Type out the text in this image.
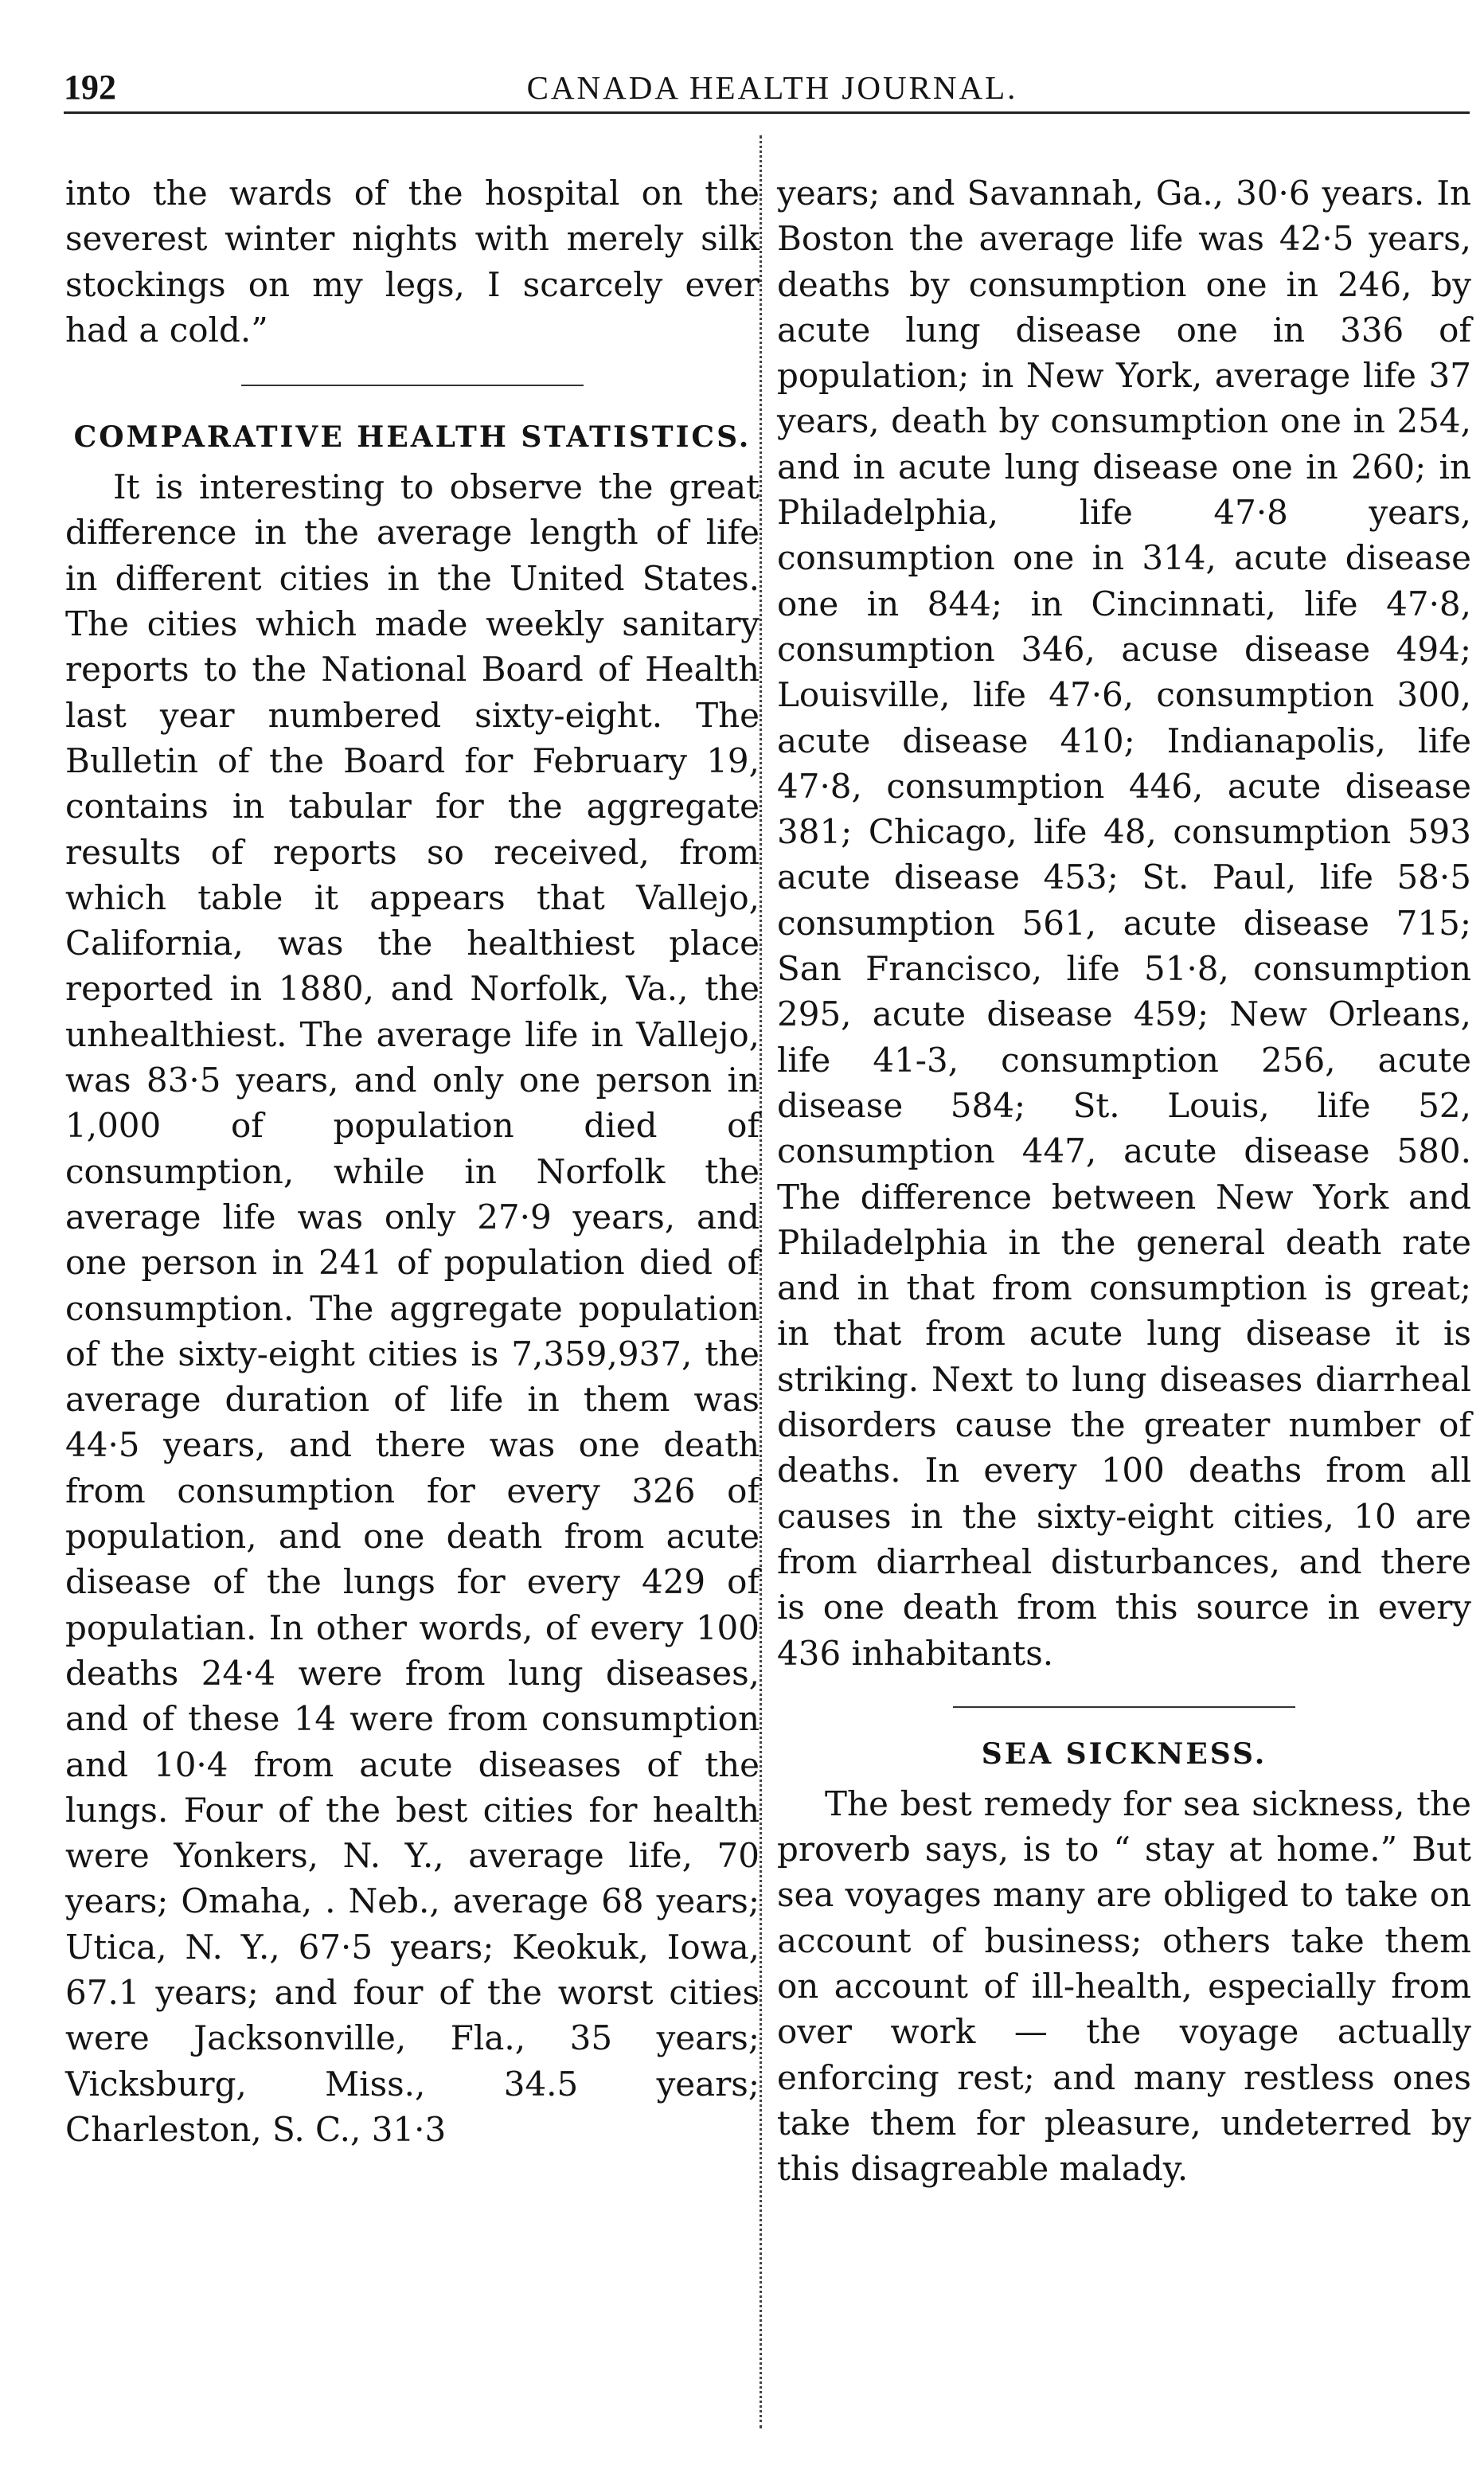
192	CANADA HEALTH JOURNAL.

into the wards of the hospital on the severest winter nights with merely silk stockings on my legs, I scarcely ever had a cold.”

COMPARATIVE HEALTH STATISTICS.

It is interesting to observe the great difference in the average length of life in different cities in the United States. The cities which made weekly sanitary reports to the National Board of Health last year numbered sixty-eight. The Bulletin of the Board for February 19, contains in tabular for the aggregate results of reports so received, from which table it appears that Vallejo, California, was the healthiest place reported in 1880, and Norfolk, Va., the unhealthiest. The average life in Vallejo, was 83·5 years, and only one person in 1,000 of population died of consumption, while in Norfolk the average life was only 27·9 years, and one person in 241 of population died of consumption. The aggregate population of the sixty-eight cities is 7,359,937, the average duration of life in them was 44·5 years, and there was one death from consumption for every 326 of population, and one death from acute disease of the lungs for every 429 of populatian. In other words, of every 100 deaths 24·4 were from lung diseases, and of these 14 were from consumption and 10·4 from acute diseases of the lungs. Four of the best cities for health were Yonkers, N. Y., average life, 70 years; Omaha, . Neb., average 68 years; Utica, N. Y., 67·5 years; Keokuk, Iowa, 67.1 years; and four of the worst cities were Jacksonville, Fla., 35 years; Vicksburg, Miss., 34.5 years; Charleston, S. C., 31·3

years; and Savannah, Ga., 30·6 years. In Boston the average life was 42·5 years, deaths by consumption one in 246, by acute lung disease one in 336 of population; in New York, average life 37 years, death by consumption one in 254, and in acute lung disease one in 260; in Philadelphia, life 47·8 years, consumption one in 314, acute disease one in 844; in Cincinnati, life 47·8, consumption 346, acuse disease 494; Louisville, life 47·6, consumption 300, acute disease 410; Indianapolis, life 47·8, consumption 446, acute disease 381; Chicago, life 48, consumption 593 acute disease 453; St. Paul, life 58·5 consumption 561, acute disease 715; San Francisco, life 51·8, consumption 295, acute disease 459; New Orleans, life 41-3, consumption 256, acute disease 584; St. Louis, life 52, consumption 447, acute disease 580. The difference between New York and Philadelphia in the general death rate and in that from consumption is great; in that from acute lung disease it is striking. Next to lung diseases diarrheal disorders cause the greater number of deaths. In every 100 deaths from all causes in the sixty-eight cities, 10 are from diarrheal disturbances, and there is one death from this source in every 436 inhabitants.

SEA SICKNESS.

The best remedy for sea sickness, the proverb says, is to “ stay at home.” But sea voyages many are obliged to take on account of business; others take them on account of ill-health, especially from over work — the voyage actually enforcing rest; and many restless ones take them for pleasure, undeterred by this disagreable malady.
